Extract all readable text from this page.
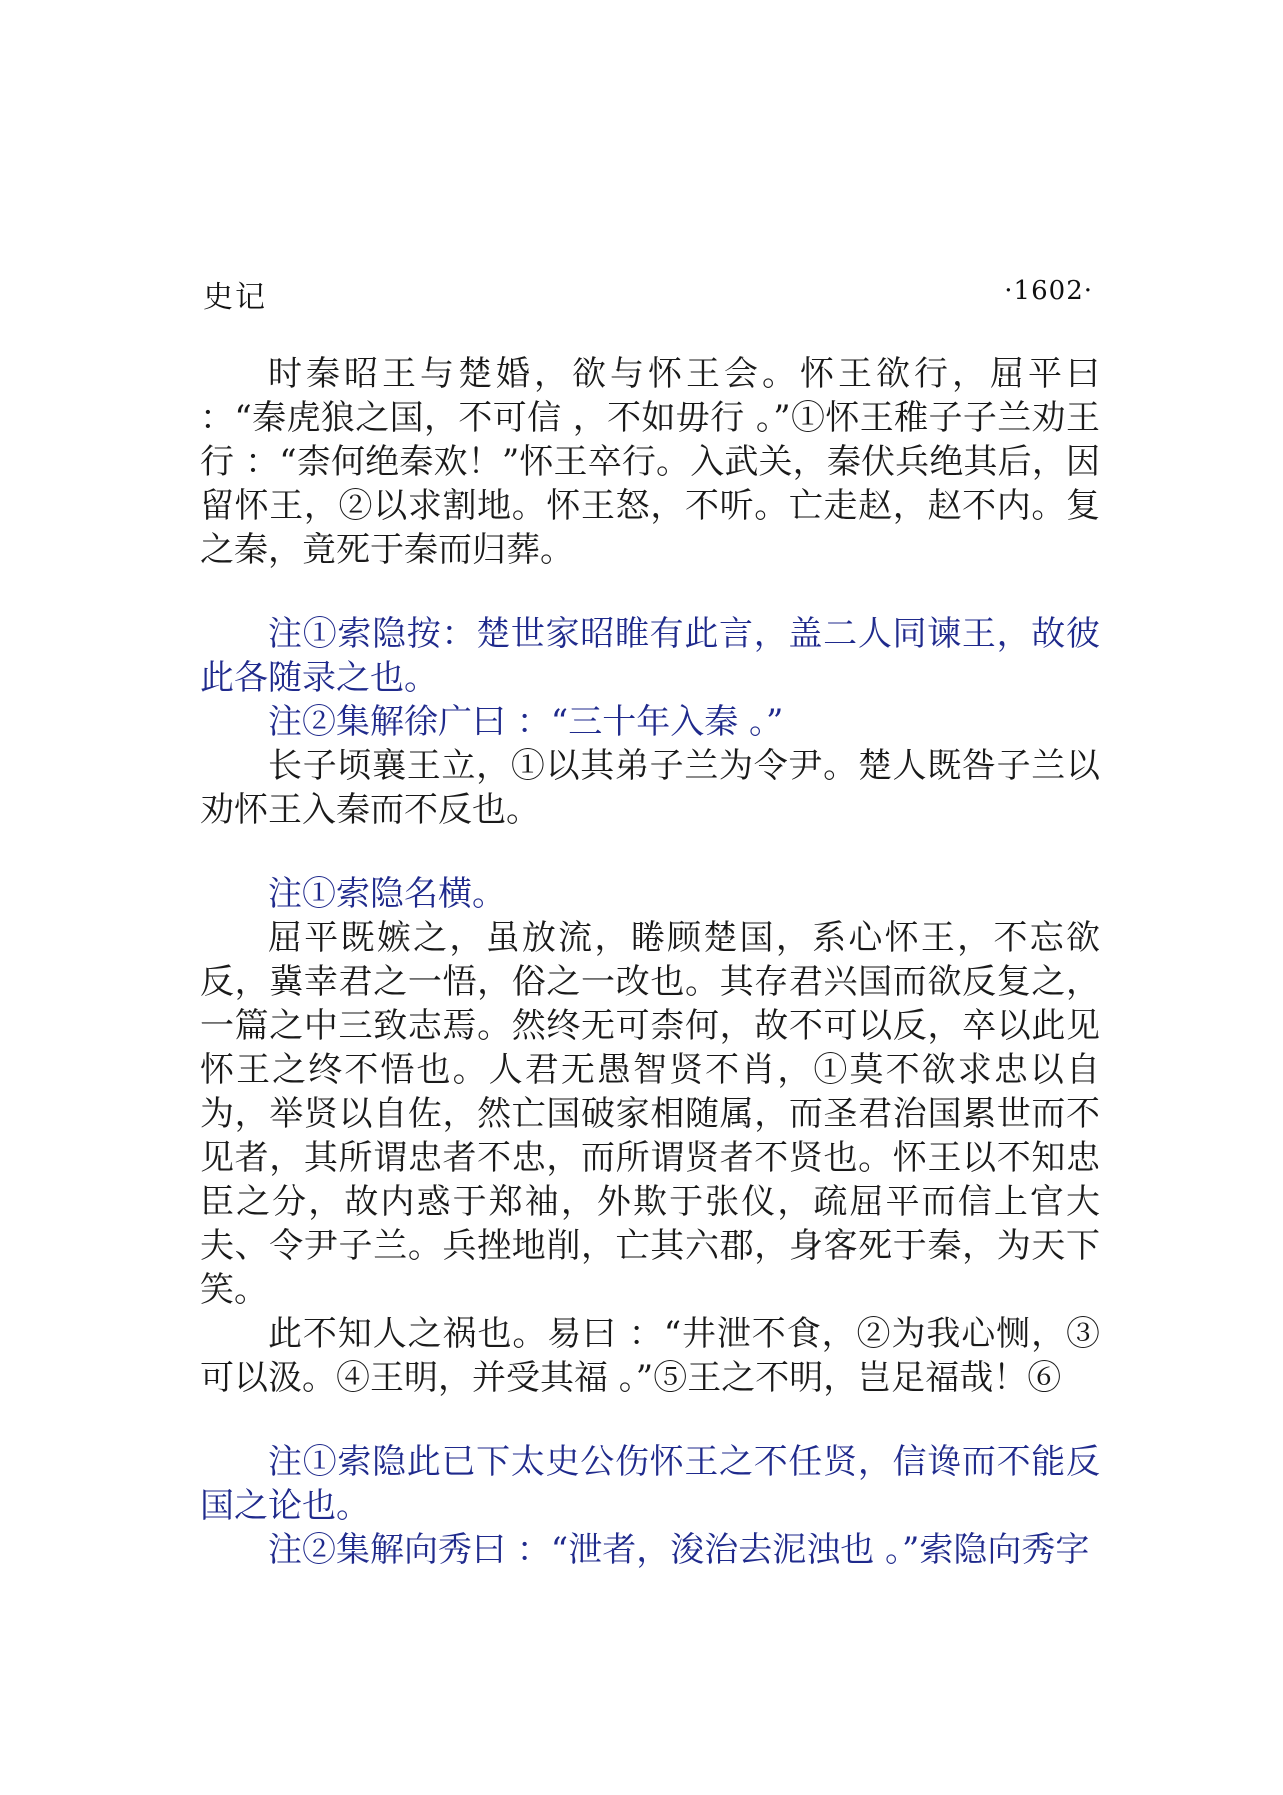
史记	·1602·

时秦昭王与楚婚，欲与怀王会。怀王欲行，屈平曰 ：“秦虎狼之国，不可信 ，不如毋行 。”①怀王稚子子兰劝王行 ：“柰何绝秦欢！”怀王卒行。入武关，秦伏兵绝其后，因留怀王，②以求割地。怀王怒，不听。亡走赵，赵不内。复之秦，竟死于秦而归葬。

注①索隐按：楚世家昭睢有此言，盖二人同谏王，故彼此各随录之也。

注②集解徐广曰 ：“三十年入秦 。”

长子顷襄王立，①以其弟子兰为令尹。楚人既咎子兰以劝怀王入秦而不反也。

注①索隐名横。

屈平既嫉之，虽放流，睠顾楚国，系心怀王，不忘欲反，冀幸君之一悟，俗之一改也。其存君兴国而欲反复之，一篇之中三致志焉。然终无可柰何，故不可以反，卒以此见怀王之终不悟也。人君无愚智贤不肖，①莫不欲求忠以自为，举贤以自佐，然亡国破家相随属，而圣君治国累世而不见者，其所谓忠者不忠，而所谓贤者不贤也。怀王以不知忠臣之分，故内惑于郑袖，外欺于张仪，疏屈平而信上官大夫、令尹子兰。兵挫地削，亡其六郡，身客死于秦，为天下笑。

此不知人之祸也。易曰 ：“井泄不食，②为我心恻，③可以汲。④王明，并受其福 。”⑤王之不明，岂足福哉！⑥

注①索隐此已下太史公伤怀王之不任贤，信谗而不能反国之论也。

注②集解向秀曰 ：“泄者，浚治去泥浊也 。”索隐向秀字
